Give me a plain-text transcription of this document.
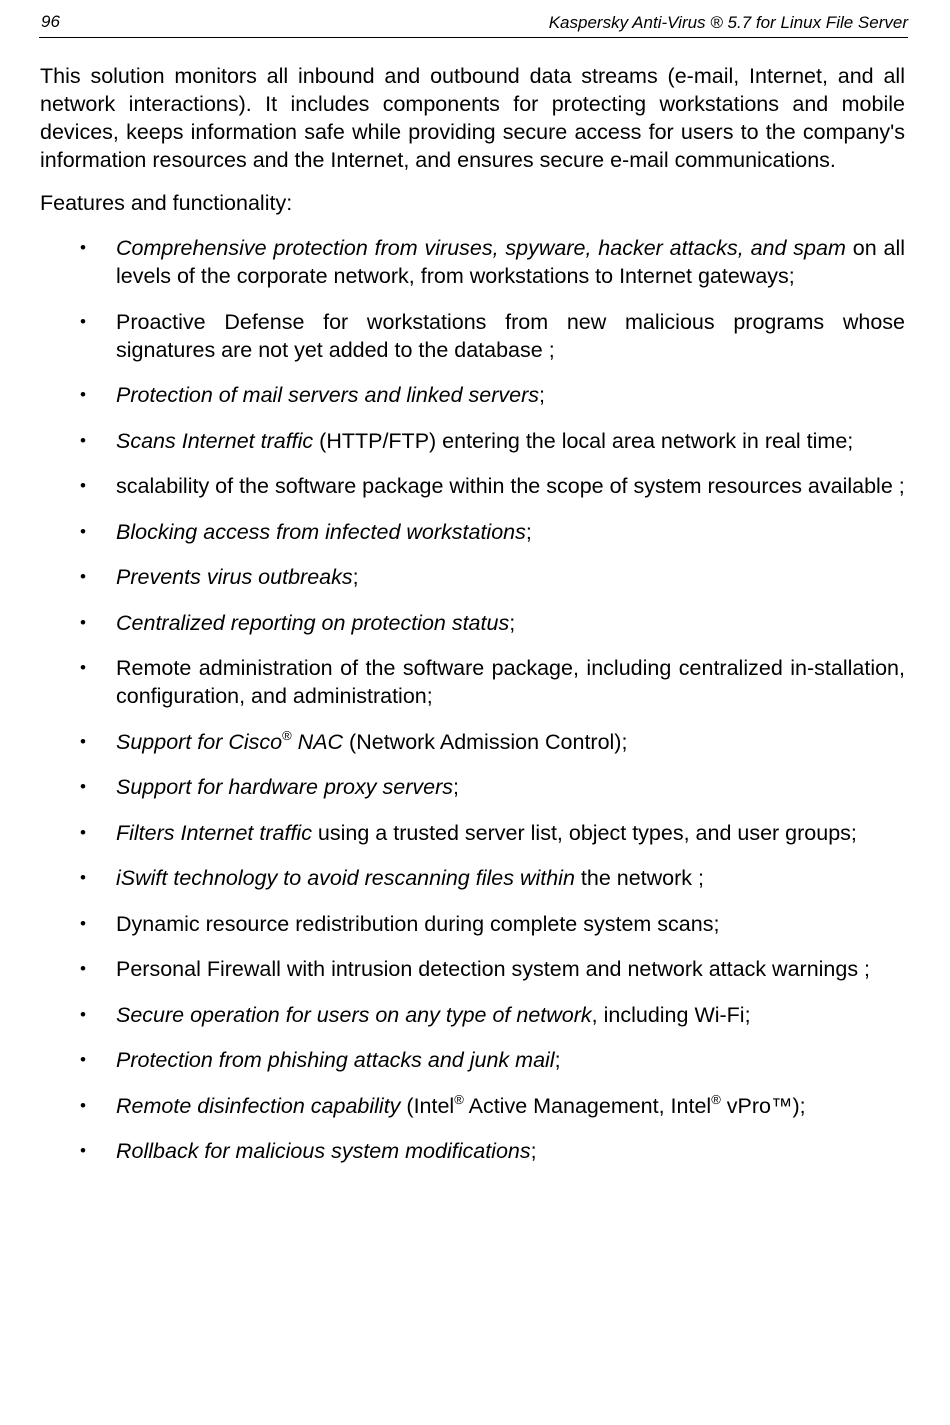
96	Kaspersky Anti-Virus ® 5.7 for Linux File Server

This solution monitors all inbound and outbound data streams (e-mail, Internet, and all network interactions). It includes components for protecting workstations and mobile devices, keeps information safe while providing secure access for users to the company's information resources and the Internet, and ensures secure e-mail communications.

Features and functionality:

• Comprehensive protection from viruses, spyware, hacker attacks, and spam on all levels of the corporate network, from workstations to Internet gateways;
• Proactive Defense for workstations from new malicious programs whose signatures are not yet added to the database ;
• Protection of mail servers and linked servers;
• Scans Internet traffic (HTTP/FTP) entering the local area network in real time;
• scalability of the software package within the scope of system resources available ;
• Blocking access from infected workstations;
• Prevents virus outbreaks;
• Centralized reporting on protection status;
• Remote administration of the software package, including centralized in-stallation, configuration, and administration;
• Support for Cisco® NAC (Network Admission Control);
• Support for hardware proxy servers;
• Filters Internet traffic using a trusted server list, object types, and user groups;
• iSwift technology to avoid rescanning files within the network ;
• Dynamic resource redistribution during complete system scans;
• Personal Firewall with intrusion detection system and network attack warnings ;
• Secure operation for users on any type of network, including Wi-Fi;
• Protection from phishing attacks and junk mail;
• Remote disinfection capability (Intel® Active Management, Intel® vPro™);
• Rollback for malicious system modifications;
